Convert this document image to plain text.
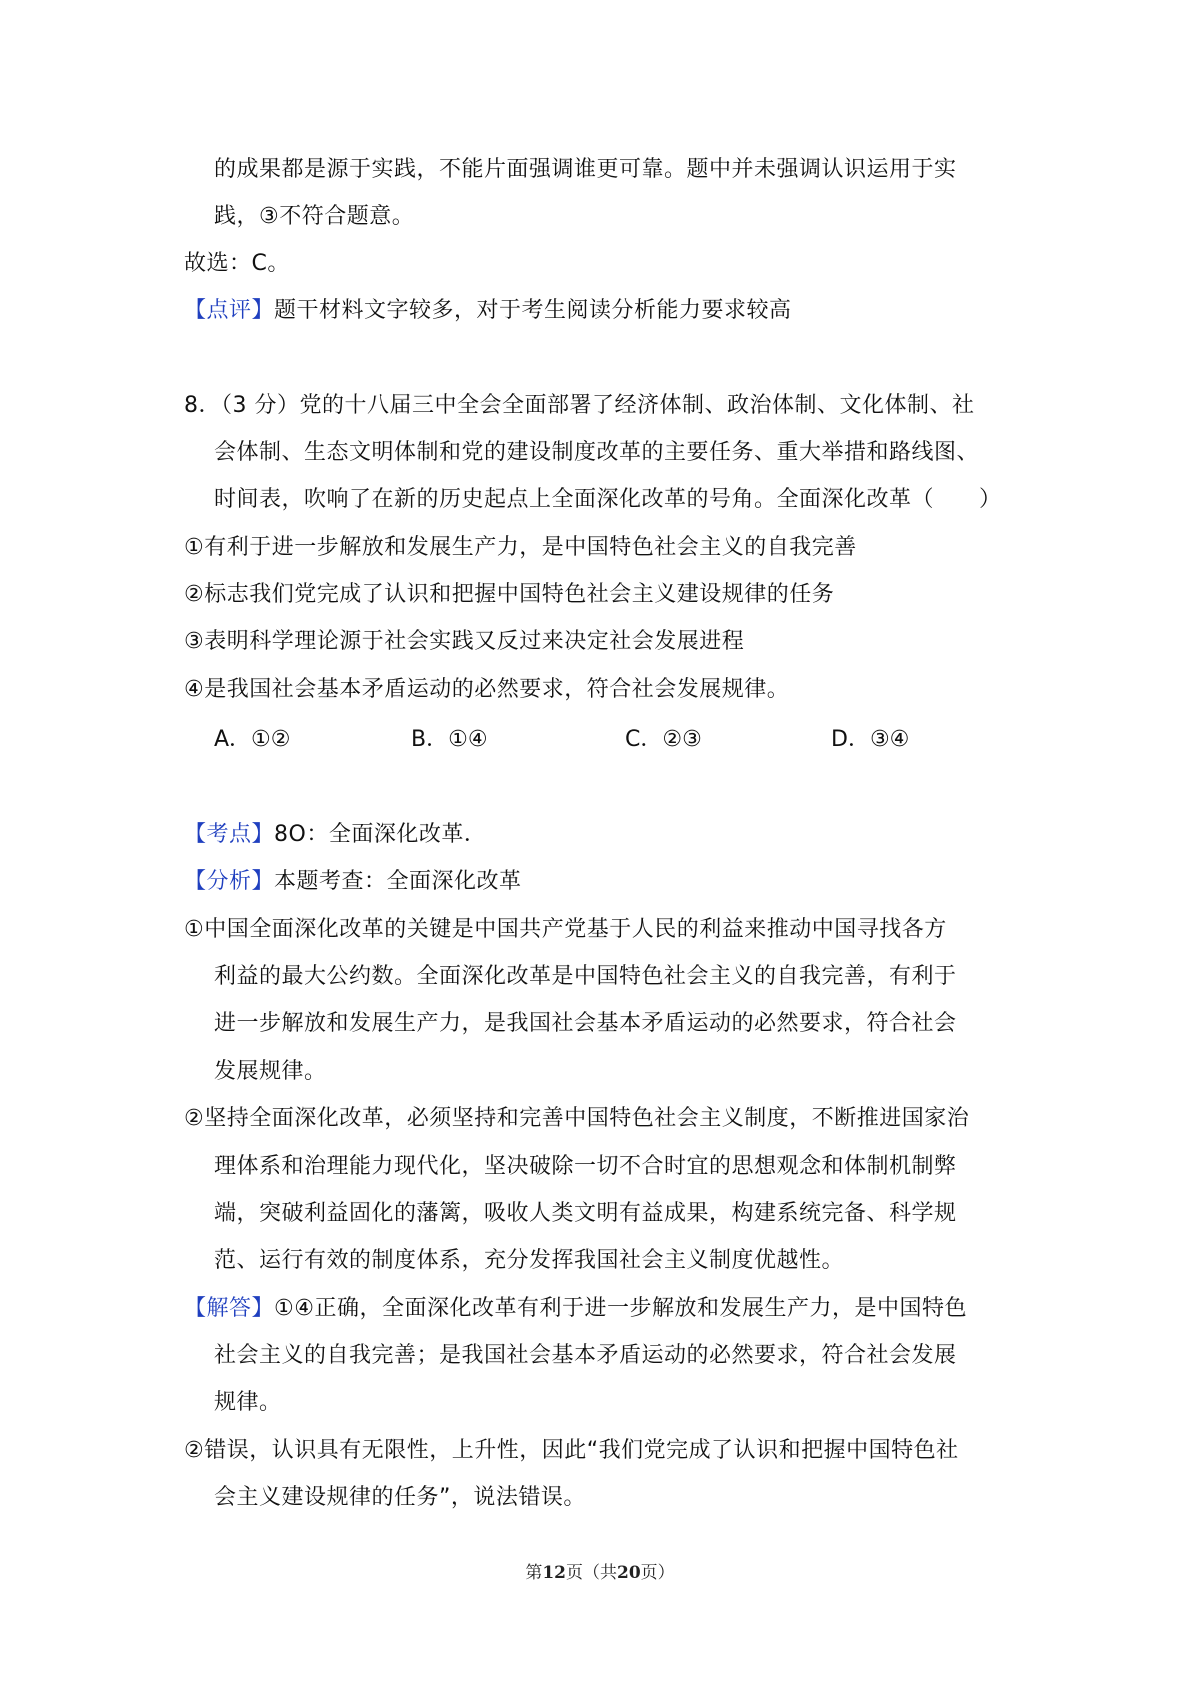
的成果都是源于实践，不能片面强调谁更可靠。题中并未强调认识运用于实
践，③不符合题意。
故选：C。
【点评】题干材料文字较多，对于考生阅读分析能力要求较高
8．（3 分）党的十八届三中全会全面部署了经济体制、政治体制、文化体制、社
会体制、生态文明体制和党的建设制度改革的主要任务、重大举措和路线图、
时间表，吹响了在新的历史起点上全面深化改革的号角。全面深化改革（　　）
①有利于进一步解放和发展生产力，是中国特色社会主义的自我完善
②标志我们党完成了认识和把握中国特色社会主义建设规律的任务
③表明科学理论源于社会实践又反过来决定社会发展进程
④是我国社会基本矛盾运动的必然要求，符合社会发展规律。
A．①②	B．①④	C．②③	D．③④
【考点】8O：全面深化改革．
【分析】本题考查：全面深化改革
①中国全面深化改革的关键是中国共产党基于人民的利益来推动中国寻找各方
利益的最大公约数。全面深化改革是中国特色社会主义的自我完善，有利于
进一步解放和发展生产力，是我国社会基本矛盾运动的必然要求，符合社会
发展规律。
②坚持全面深化改革，必须坚持和完善中国特色社会主义制度，不断推进国家治
理体系和治理能力现代化，坚决破除一切不合时宜的思想观念和体制机制弊
端，突破利益固化的藩篱，吸收人类文明有益成果，构建系统完备、科学规
范、运行有效的制度体系，充分发挥我国社会主义制度优越性。
【解答】①④正确，全面深化改革有利于进一步解放和发展生产力，是中国特色
社会主义的自我完善；是我国社会基本矛盾运动的必然要求，符合社会发展
规律。
②错误，认识具有无限性，上升性，因此“我们党完成了认识和把握中国特色社
会主义建设规律的任务”，说法错误。
第12页（共20页）
